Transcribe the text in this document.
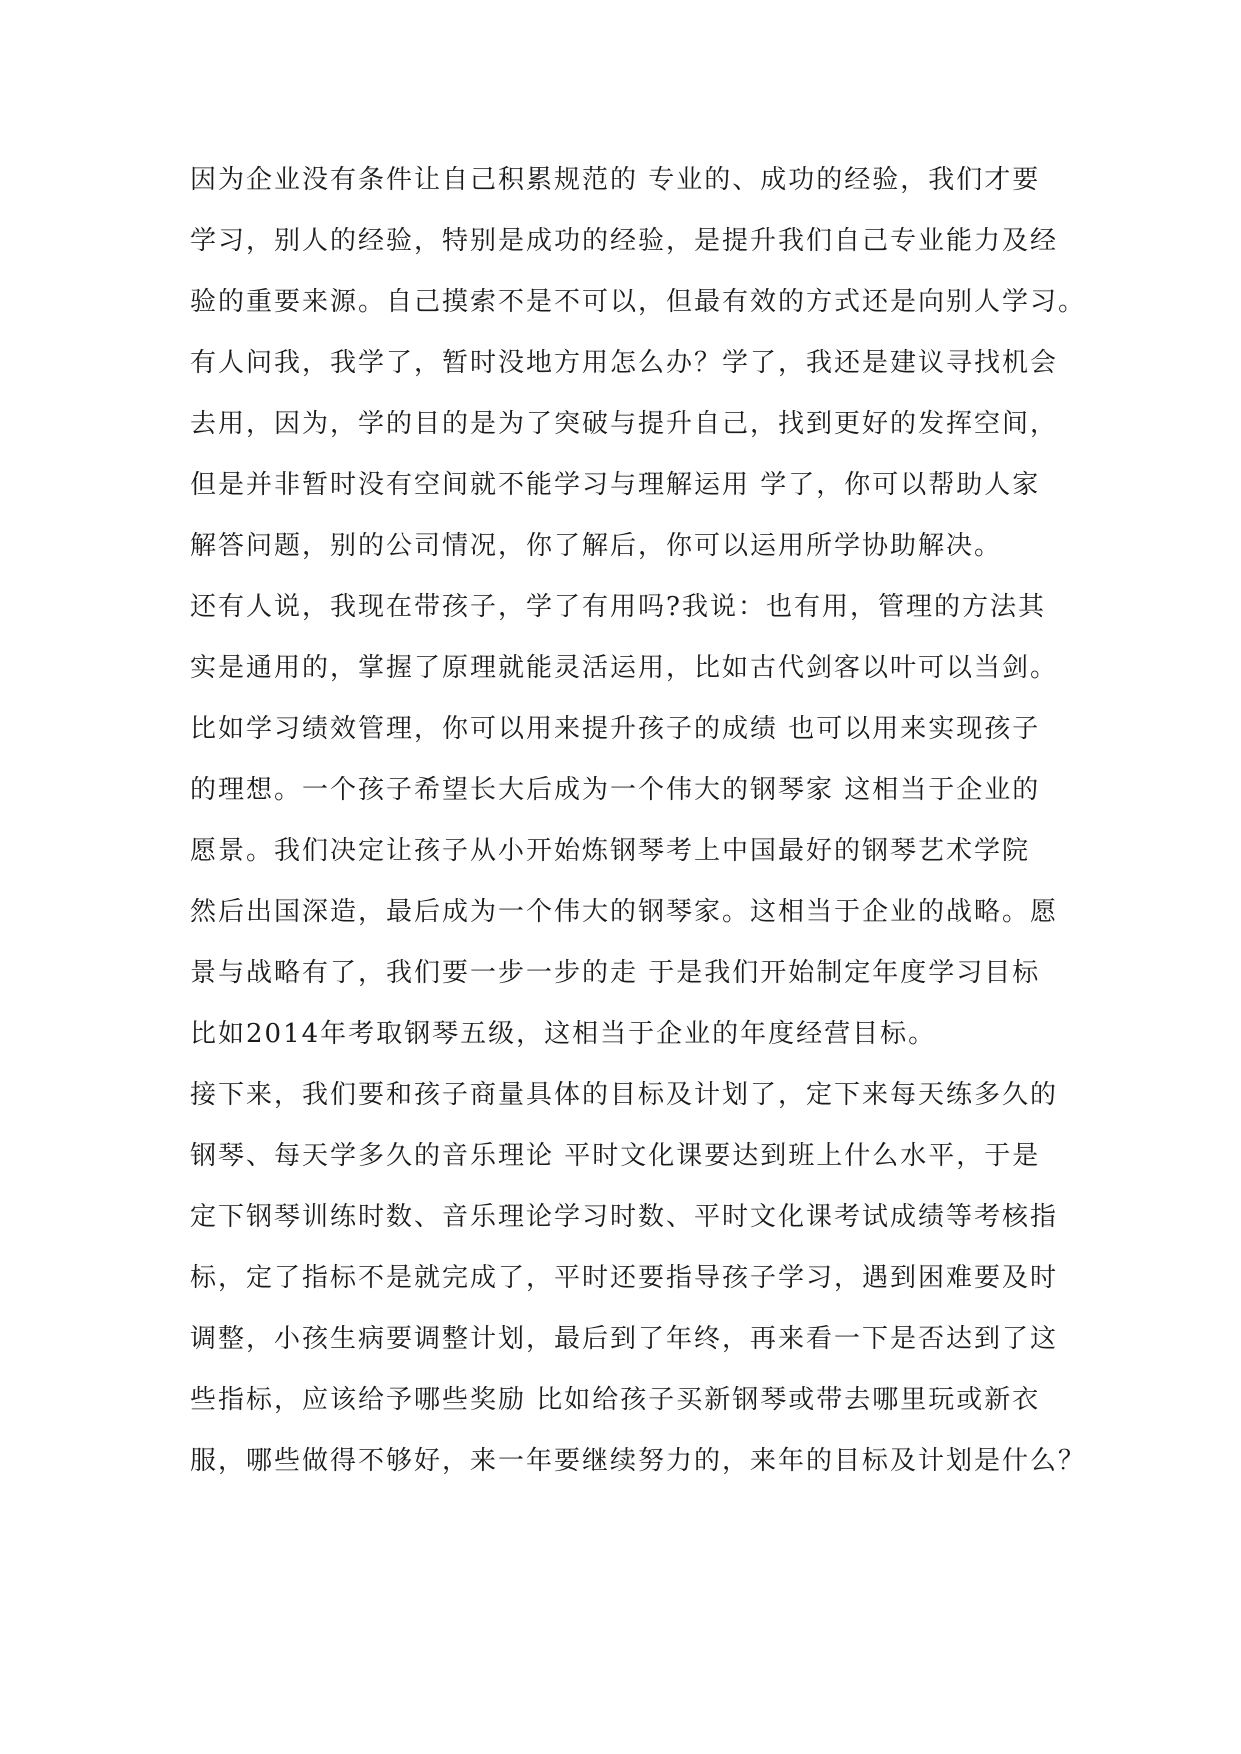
因为企业没有条件让自己积累规范的 专业的、成功的经验，我们才要
学习，别人的经验，特别是成功的经验，是提升我们自己专业能力及经
验的重要来源。自己摸索不是不可以，但最有效的方式还是向别人学习。
有人问我，我学了，暂时没地方用怎么办？学了，我还是建议寻找机会
去用，因为，学的目的是为了突破与提升自己，找到更好的发挥空间，
但是并非暂时没有空间就不能学习与理解运用 学了，你可以帮助人家
解答问题，别的公司情况，你了解后，你可以运用所学协助解决。
还有人说，我现在带孩子，学了有用吗?我说：也有用，管理的方法其
实是通用的，掌握了原理就能灵活运用，比如古代剑客以叶可以当剑。
比如学习绩效管理，你可以用来提升孩子的成绩 也可以用来实现孩子
的理想。一个孩子希望长大后成为一个伟大的钢琴家 这相当于企业的
愿景。我们决定让孩子从小开始炼钢琴考上中国最好的钢琴艺术学院
然后出国深造，最后成为一个伟大的钢琴家。这相当于企业的战略。愿
景与战略有了，我们要一步一步的走 于是我们开始制定年度学习目标
比如2014年考取钢琴五级，这相当于企业的年度经营目标。
接下来，我们要和孩子商量具体的目标及计划了，定下来每天练多久的
钢琴、每天学多久的音乐理论 平时文化课要达到班上什么水平，于是
定下钢琴训练时数、音乐理论学习时数、平时文化课考试成绩等考核指
标，定了指标不是就完成了，平时还要指导孩子学习，遇到困难要及时
调整，小孩生病要调整计划，最后到了年终，再来看一下是否达到了这
些指标，应该给予哪些奖励 比如给孩子买新钢琴或带去哪里玩或新衣
服，哪些做得不够好，来一年要继续努力的，来年的目标及计划是什么？
